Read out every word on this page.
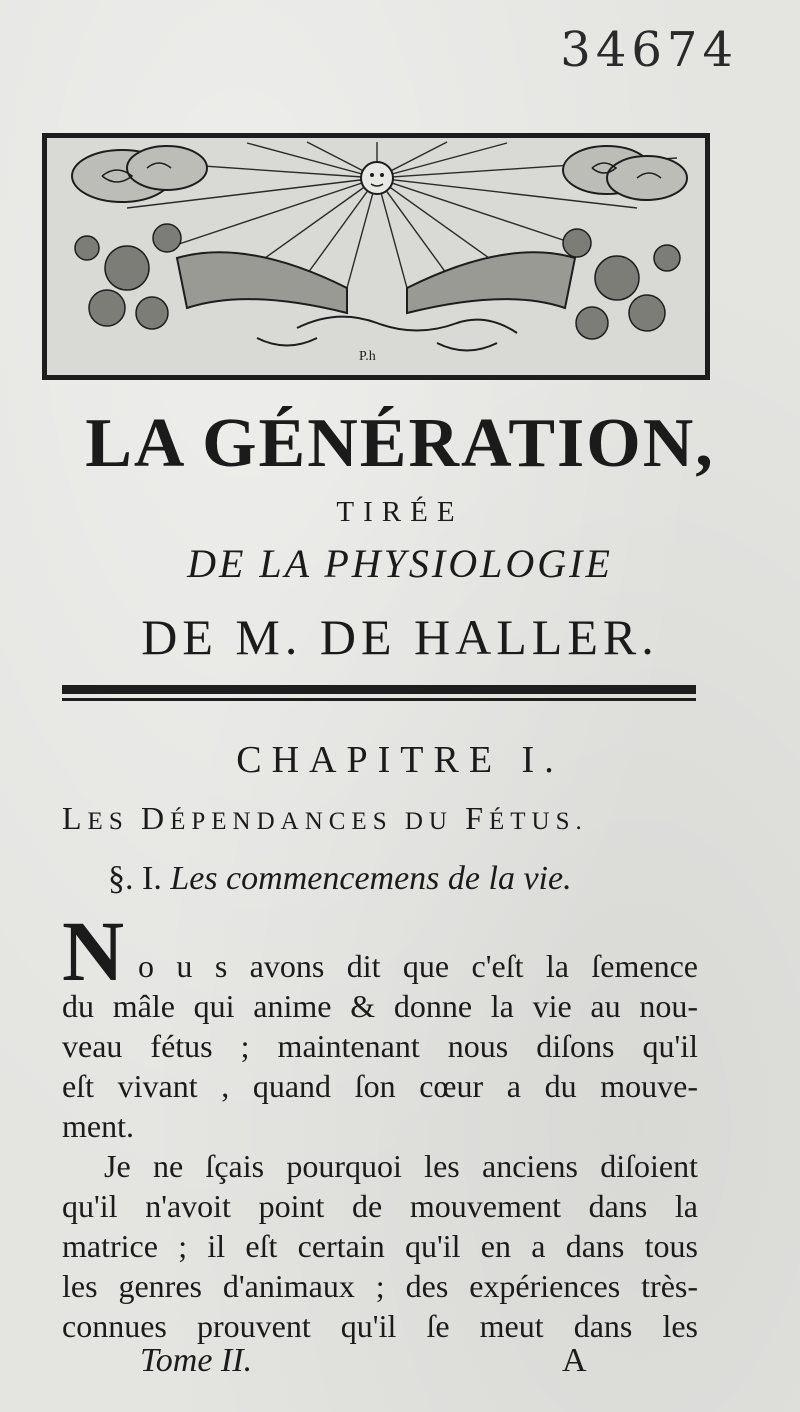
34674
P.h
LA GÉNÉRATION,
TIRÉE
DE LA PHYSIOLOGIE
DE M. DE HALLER.
CHAPITRE I.
LES DÉPENDANCES DU FÉTUS.
§. I. Les commencemens de la vie.
N o u s avons dit que c'eſt la ſemence
du mâle qui anime & donne la vie au nou-
veau fétus ; maintenant nous diſons qu'il
eſt vivant , quand ſon cœur a du mouve-
ment.
Je ne ſçais pourquoi les anciens diſoient
qu'il n'avoit point de mouvement dans la
matrice ; il eſt certain qu'il en a dans tous
les genres d'animaux ; des expériences très-
connues prouvent qu'il ſe meut dans les
Tome II.	A
